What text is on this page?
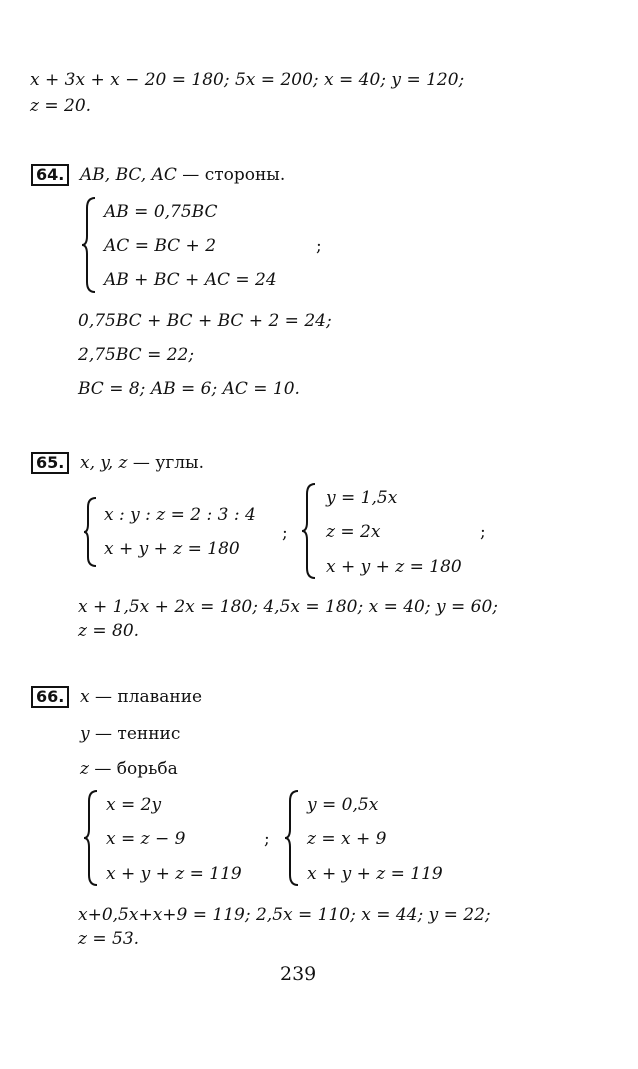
x + 3x + x − 20 = 180; 5x = 200; x = 40; y = 120;
z = 20.
64. AB, BC, AC — стороны.
AB = 0,75BC
AC = BC + 2	;
AB + BC + AC = 24
0,75BC + BC + BC + 2 = 24;
2,75BC = 22;
BC = 8; AB = 6; AC = 10.
65. x, y, z — углы.
x : y : z = 2 : 3 : 4
x + y + z = 180
;
y = 1,5x
z = 2x	;
x + y + z = 180
x + 1,5x + 2x = 180; 4,5x = 180; x = 40; y = 60;
z = 80.
66. x — плавание
y — теннис
z — борьба
x = 2y
x = z − 9
x + y + z = 119
;
y = 0,5x
z = x + 9
x + y + z = 119
x+0,5x+x+9 = 119; 2,5x = 110; x = 44; y = 22;
z = 53.
239
